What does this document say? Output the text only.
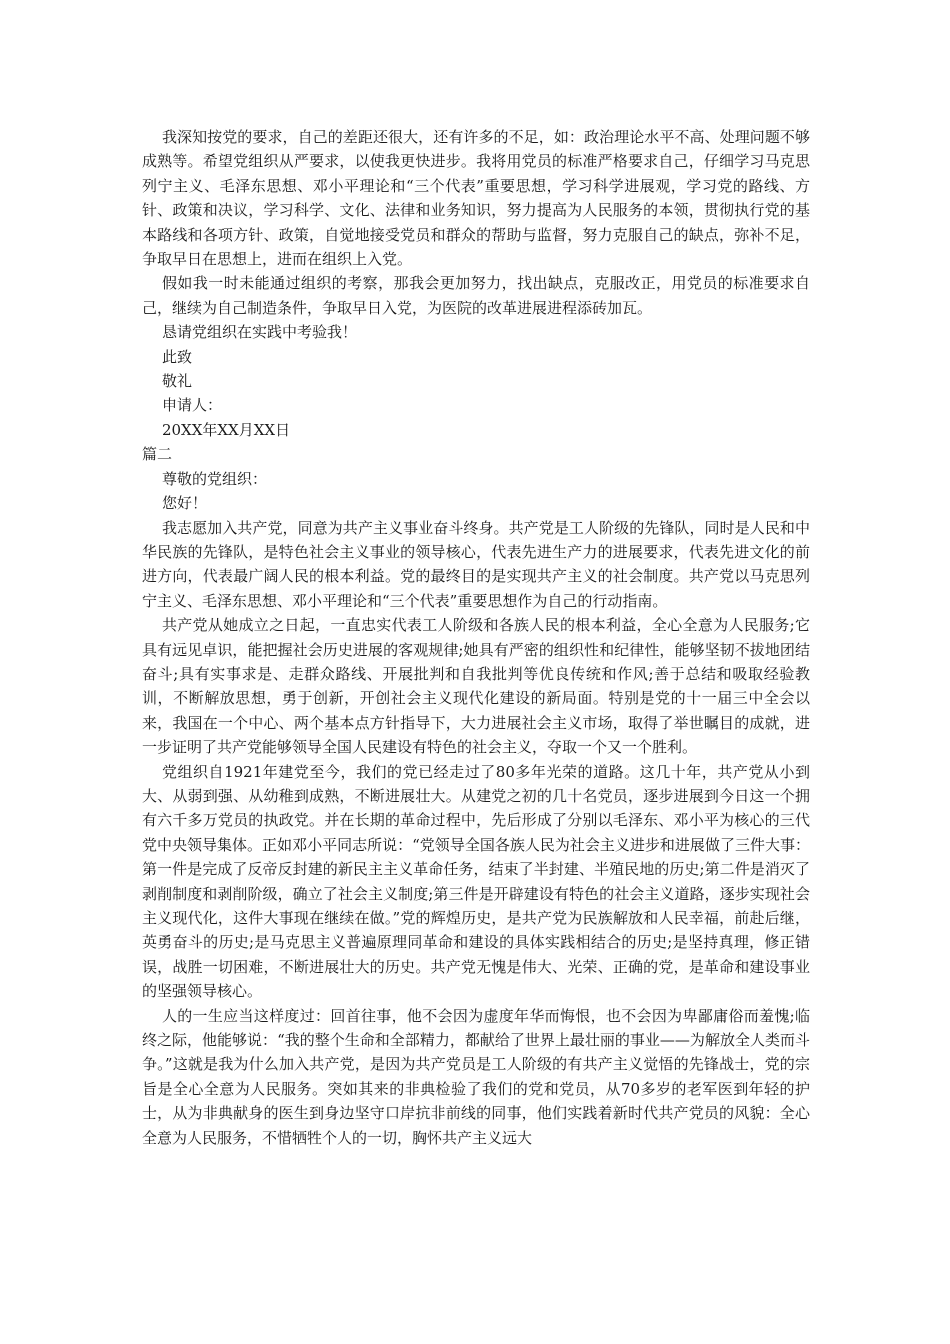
我深知按党的要求，自己的差距还很大，还有许多的不足，如：政治理论水平不高、处理问题不够成熟等。希望党组织从严要求，以使我更快进步。我将用党员的标准严格要求自己，仔细学习马克思列宁主义、毛泽东思想、邓小平理论和“三个代表”重要思想，学习科学进展观，学习党的路线、方针、政策和决议，学习科学、文化、法律和业务知识，努力提高为人民服务的本领，贯彻执行党的基本路线和各项方针、政策，自觉地接受党员和群众的帮助与监督，努力克服自己的缺点，弥补不足，争取早日在思想上，进而在组织上入党。

假如我一时未能通过组织的考察，那我会更加努力，找出缺点，克服改正，用党员的标准要求自己，继续为自己制造条件，争取早日入党，为医院的改革进展进程添砖加瓦。

恳请党组织在实践中考验我！

此致

敬礼

申请人：

20XX年XX月XX日

篇二

尊敬的党组织：

您好！

我志愿加入共产党，同意为共产主义事业奋斗终身。共产党是工人阶级的先锋队，同时是人民和中华民族的先锋队，是特色社会主义事业的领导核心，代表先进生产力的进展要求，代表先进文化的前进方向，代表最广阔人民的根本利益。党的最终目的是实现共产主义的社会制度。共产党以马克思列宁主义、毛泽东思想、邓小平理论和“三个代表”重要思想作为自己的行动指南。

共产党从她成立之日起，一直忠实代表工人阶级和各族人民的根本利益，全心全意为人民服务;它具有远见卓识，能把握社会历史进展的客观规律;她具有严密的组织性和纪律性，能够坚韧不拔地团结奋斗;具有实事求是、走群众路线、开展批判和自我批判等优良传统和作风;善于总结和吸取经验教训，不断解放思想，勇于创新，开创社会主义现代化建设的新局面。特别是党的十一届三中全会以来，我国在一个中心、两个基本点方针指导下，大力进展社会主义市场，取得了举世瞩目的成就，进一步证明了共产党能够领导全国人民建设有特色的社会主义，夺取一个又一个胜利。

党组织自1921年建党至今，我们的党已经走过了80多年光荣的道路。这几十年，共产党从小到大、从弱到强、从幼稚到成熟，不断进展壮大。从建党之初的几十名党员，逐步进展到今日这一个拥有六千多万党员的执政党。并在长期的革命过程中，先后形成了分别以毛泽东、邓小平为核心的三代党中央领导集体。正如邓小平同志所说：“党领导全国各族人民为社会主义进步和进展做了三件大事：第一件是完成了反帝反封建的新民主主义革命任务，结束了半封建、半殖民地的历史;第二件是消灭了剥削制度和剥削阶级，确立了社会主义制度;第三件是开辟建设有特色的社会主义道路，逐步实现社会主义现代化，这件大事现在继续在做。”党的辉煌历史，是共产党为民族解放和人民幸福，前赴后继，英勇奋斗的历史;是马克思主义普遍原理同革命和建设的具体实践相结合的历史;是坚持真理，修正错误，战胜一切困难，不断进展壮大的历史。共产党无愧是伟大、光荣、正确的党，是革命和建设事业的坚强领导核心。

人的一生应当这样度过：回首往事，他不会因为虚度年华而悔恨，也不会因为卑鄙庸俗而羞愧;临终之际，他能够说：“我的整个生命和全部精力，都献给了世界上最壮丽的事业——为解放全人类而斗争。”这就是我为什么加入共产党，是因为共产党员是工人阶级的有共产主义觉悟的先锋战士，党的宗旨是全心全意为人民服务。突如其来的非典检验了我们的党和党员，从70多岁的老军医到年轻的护士，从为非典献身的医生到身边坚守口岸抗非前线的同事，他们实践着新时代共产党员的风貌：全心全意为人民服务，不惜牺牲个人的一切，胸怀共产主义远大
